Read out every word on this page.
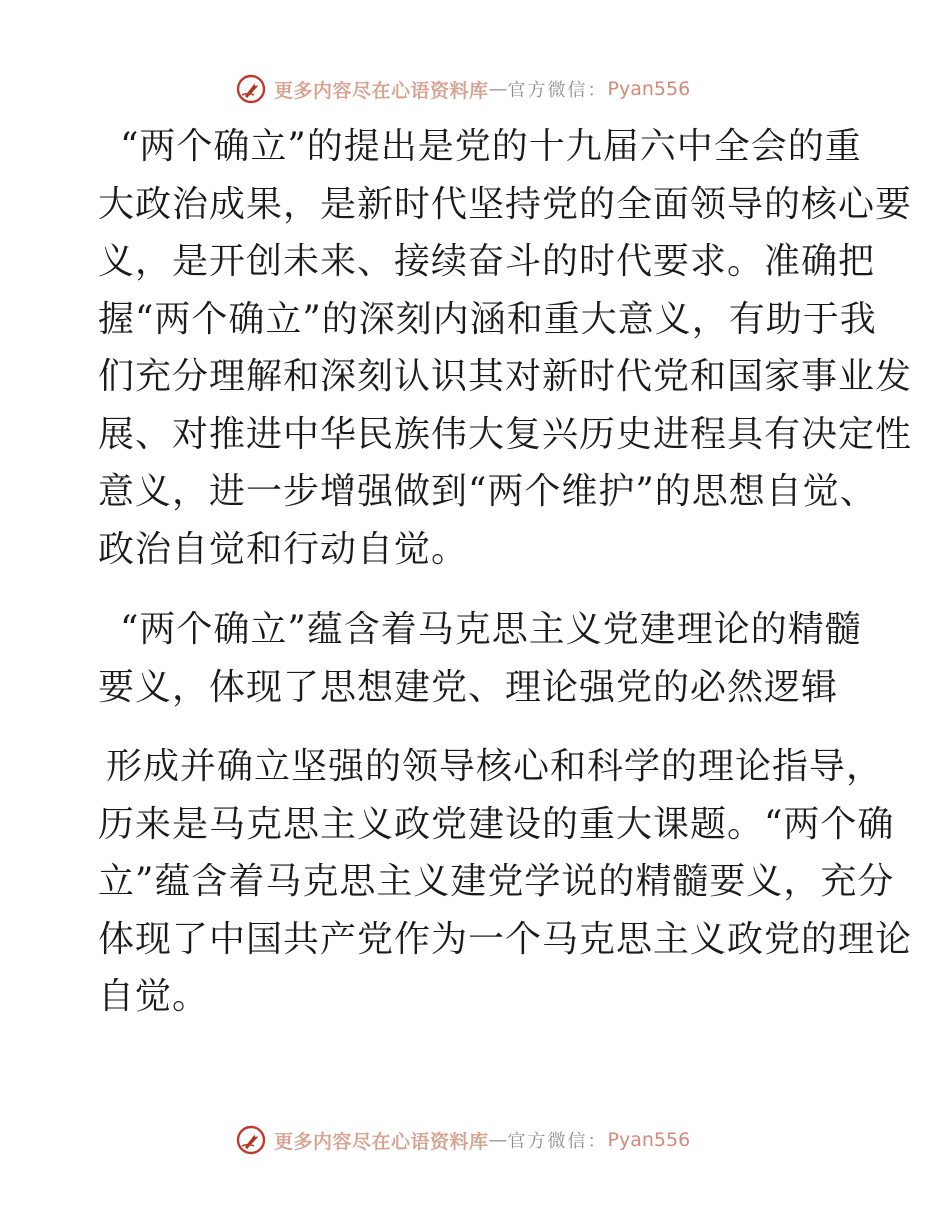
更多内容尽在心语资料库 — 官方微信： Pyan556
“两个确立”的提出是党的十九届六中全会的重
大政治成果，是新时代坚持党的全面领导的核心要
义，是开创未来、接续奋斗的时代要求。准确把
握“两个确立”的深刻内涵和重大意义，有助于我
们充分理解和深刻认识其对新时代党和国家事业发
展、对推进中华民族伟大复兴历史进程具有决定性
意义，进一步增强做到“两个维护”的思想自觉、
政治自觉和行动自觉。
“两个确立”蕴含着马克思主义党建理论的精髓
要义，体现了思想建党、理论强党的必然逻辑
形成并确立坚强的领导核心和科学的理论指导，
历来是马克思主义政党建设的重大课题。“两个确
立”蕴含着马克思主义建党学说的精髓要义，充分
体现了中国共产党作为一个马克思主义政党的理论
自觉。
更多内容尽在心语资料库 — 官方微信： Pyan556
